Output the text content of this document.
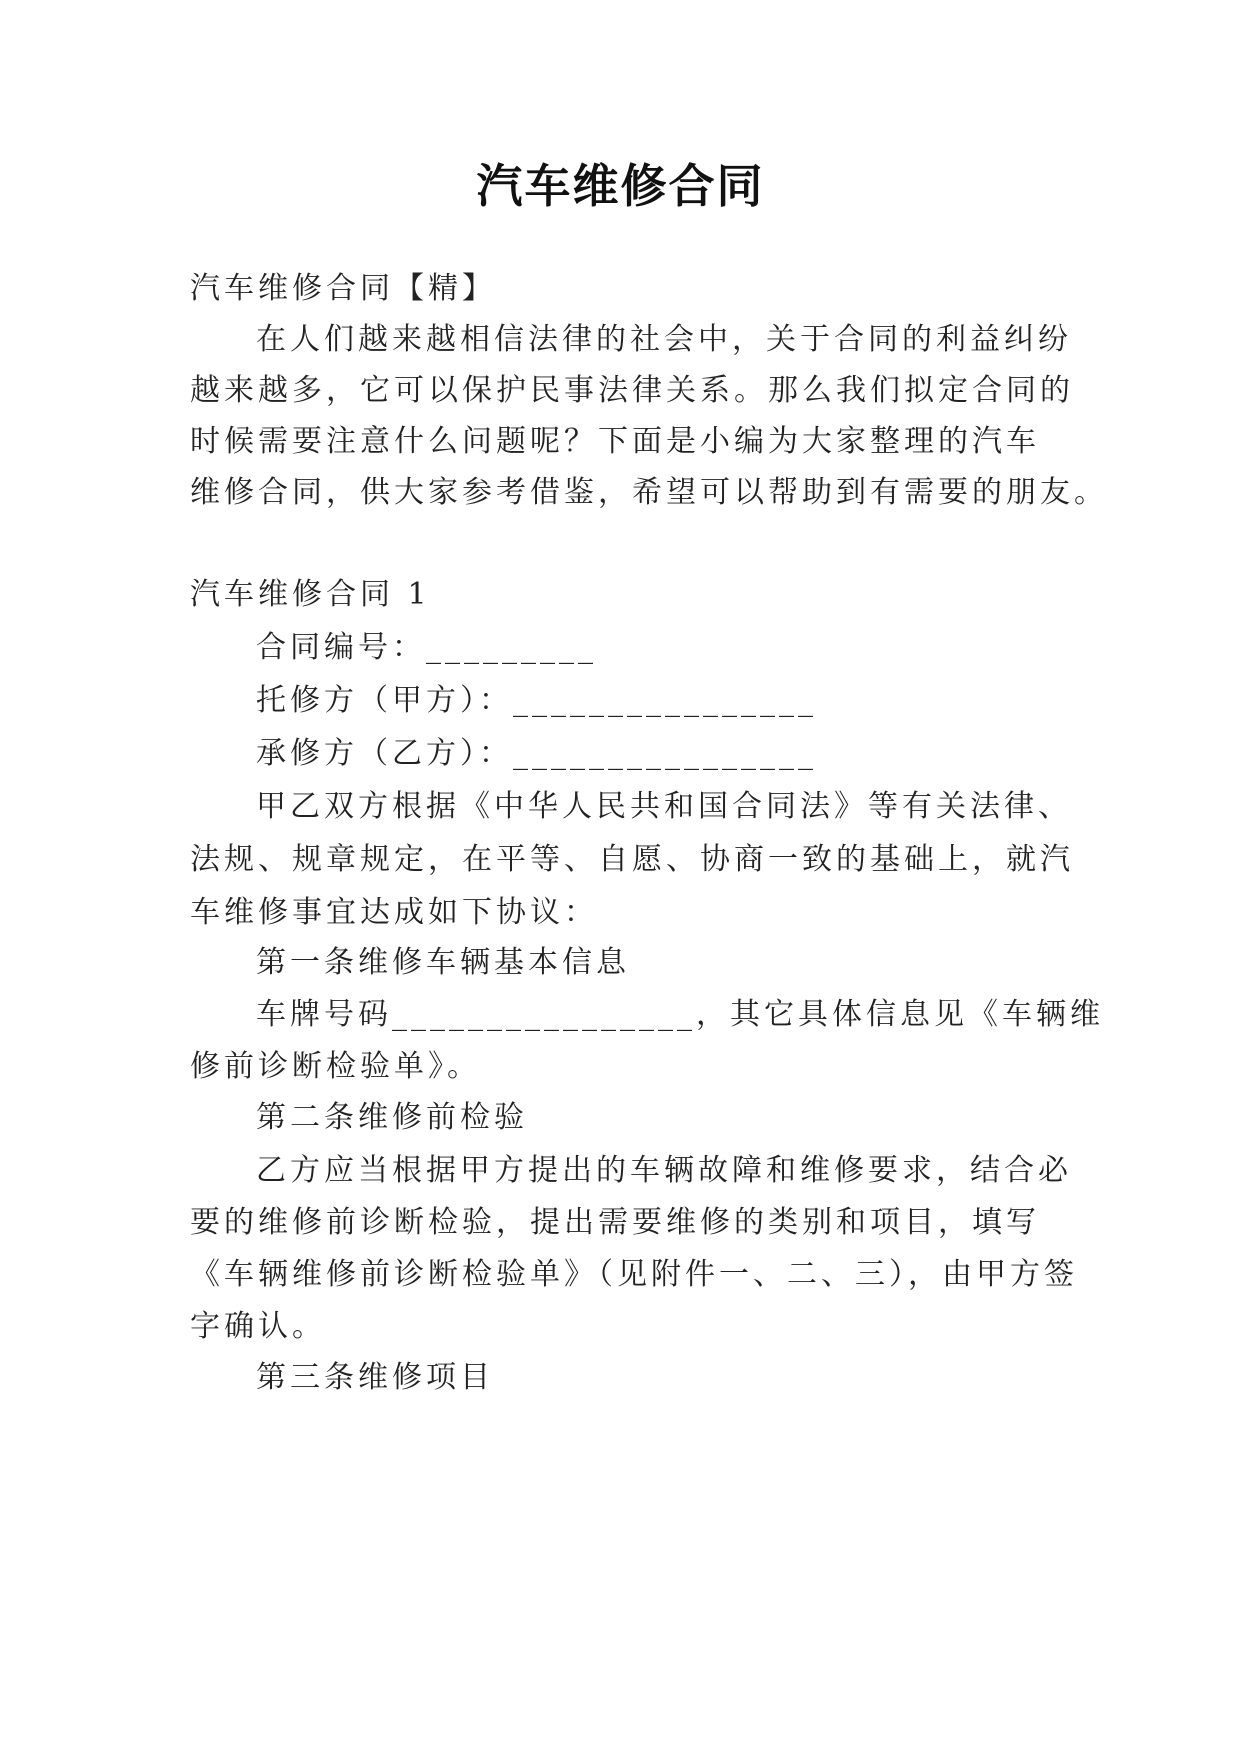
汽车维修合同
汽车维修合同【精】
在人们越来越相信法律的社会中，关于合同的利益纠纷
越来越多，它可以保护民事法律关系。那么我们拟定合同的
时候需要注意什么问题呢？下面是小编为大家整理的汽车
维修合同，供大家参考借鉴，希望可以帮助到有需要的朋友。
汽车维修合同 1
合同编号：_________
托修方（甲方）：________________
承修方（乙方）：________________
甲乙双方根据《中华人民共和国合同法》等有关法律、
法规、规章规定，在平等、自愿、协商一致的基础上，就汽
车维修事宜达成如下协议：
第一条维修车辆基本信息
车牌号码________________，其它具体信息见《车辆维
修前诊断检验单》。
第二条维修前检验
乙方应当根据甲方提出的车辆故障和维修要求，结合必
要的维修前诊断检验，提出需要维修的类别和项目，填写
《车辆维修前诊断检验单》（见附件一、二、三），由甲方签
字确认。
第三条维修项目
